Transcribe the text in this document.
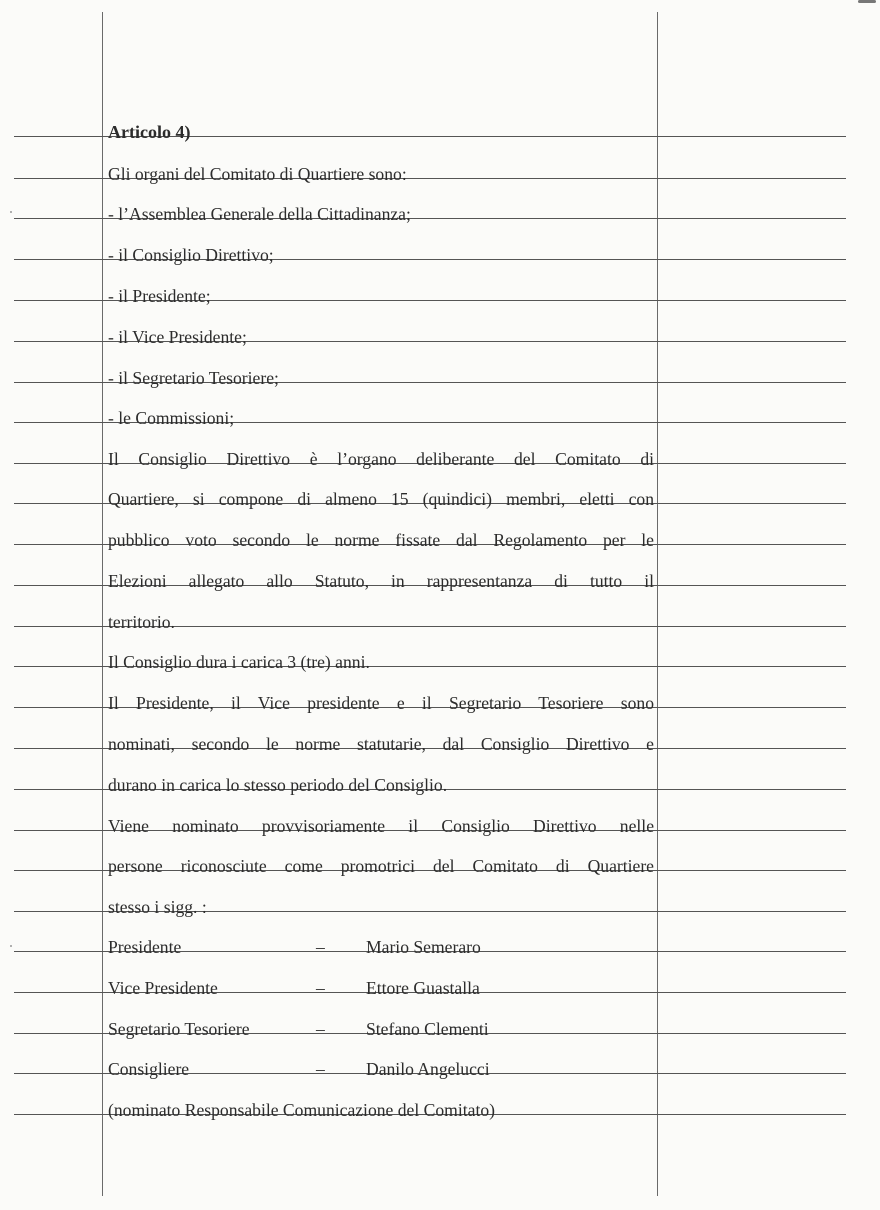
Articolo 4)
Gli organi del Comitato di Quartiere sono:
- l’Assemblea Generale della Cittadinanza;
- il Consiglio Direttivo;
- il Presidente;
- il Vice Presidente;
- il Segretario Tesoriere;
- le Commissioni;
Il Consiglio Direttivo è l’organo deliberante del Comitato di
Quartiere, si compone di almeno 15 (quindici) membri, eletti con
pubblico voto secondo le norme fissate dal Regolamento per le
Elezioni allegato allo Statuto, in rappresentanza di tutto il
territorio.
Il Consiglio dura i carica 3 (tre) anni.
Il Presidente, il Vice presidente e il Segretario Tesoriere sono
nominati, secondo le norme statutarie, dal Consiglio Direttivo e
durano in carica lo stesso periodo del Consiglio.
Viene nominato provvisoriamente il Consiglio Direttivo nelle
persone riconosciute come promotrici del Comitato di Quartiere
stesso i sigg. :
Presidente	– Mario Semeraro
Vice Presidente	– Ettore Guastalla
Segretario Tesoriere	– Stefano Clementi
Consigliere	– Danilo Angelucci
(nominato Responsabile Comunicazione del Comitato)
